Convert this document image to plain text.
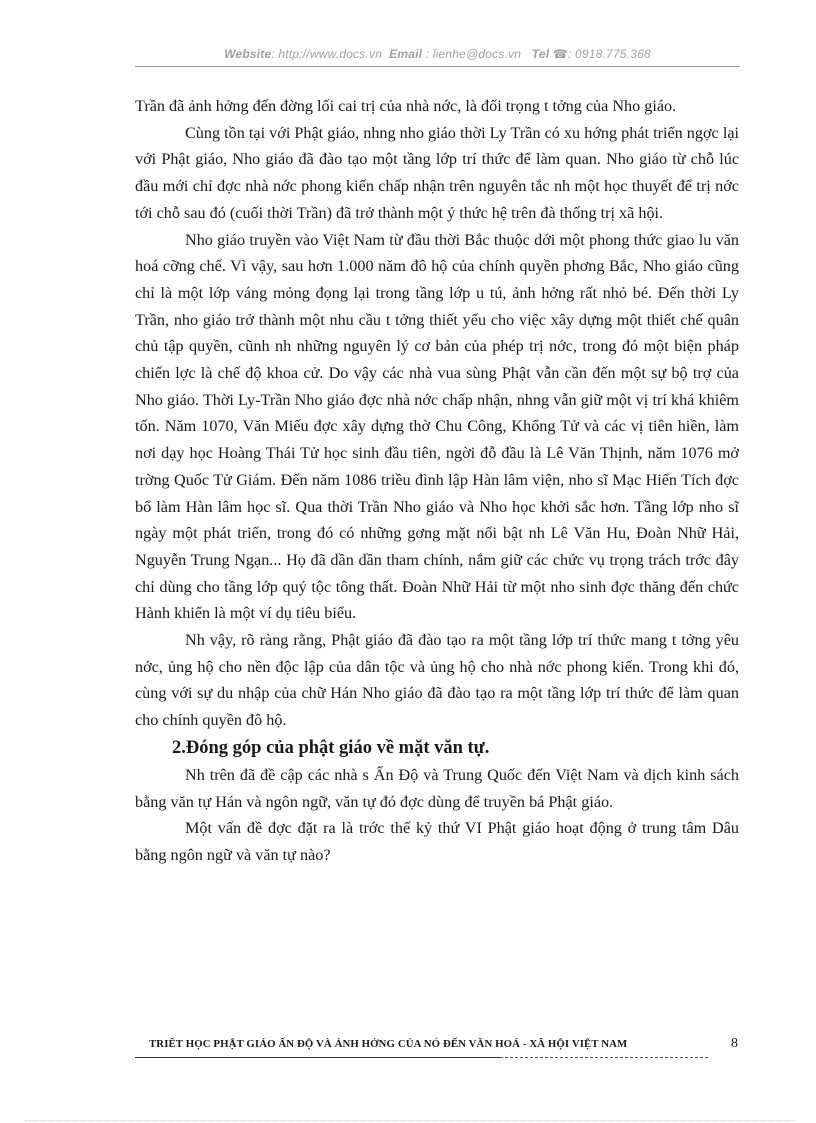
Website: http://www.docs.vn Email : lienhe@docs.vn Tel ☎: 0918.775.368

Trần đã ảnh hởng đến đờng lối cai trị của nhà nớc, là đối trọng t tởng của Nho giáo.

Cùng tồn tại với Phật giáo, nhng nho giáo thời Ly Trần có xu hớng phát triển ngợc lại với Phật giáo, Nho giáo đã đào tạo một tầng lớp trí thức để làm quan. Nho giáo từ chỗ lúc đầu mới chỉ đợc nhà nớc phong kiến chấp nhận trên nguyên tắc nh một học thuyết để trị nớc tới chỗ sau đó (cuối thời Trần) đã trở thành một ý thức hệ trên đà thống trị xã hội.

Nho giáo truyền vào Việt Nam từ đầu thời Bắc thuộc dới một phong thức giao lu văn hoá cỡng chế. Vì vậy, sau hơn 1.000 năm đô hộ của chính quyền phơng Bắc, Nho giáo cũng chỉ là một lớp váng mỏng đọng lại trong tầng lớp u tú, ảnh hởng rất nhỏ bé. Đến thời Ly Trần, nho giáo trở thành một nhu cầu t tởng thiết yếu cho việc xây dựng một thiết chế quân chủ tập quyền, cũnh nh những nguyên lý cơ bản của phép trị nớc, trong đó một biện pháp chiến lợc là chế độ khoa cử. Do vậy các nhà vua sùng Phật vẫn cần đến một sự bộ trợ của Nho giáo. Thời Ly-Trần Nho giáo đợc nhà nớc chấp nhận, nhng vẫn giữ một vị trí khá khiêm tốn. Năm 1070, Văn Miếu đợc xây dựng thờ Chu Công, Khổng Tử và các vị tiên hiền, làm nơi dạy học Hoàng Thái Tử học sinh đầu tiên, ngời đỗ đầu là Lê Văn Thịnh, năm 1076 mở trờng Quốc Tử Giám. Đến năm 1086 triều đình lập Hàn lâm viện, nho sĩ Mạc Hiển Tích đợc bổ làm Hàn lâm học sĩ. Qua thời Trần Nho giáo và Nho học khởi sắc hơn. Tầng lớp nho sĩ ngày một phát triển, trong đó có những gơng mặt nổi bật nh Lê Văn Hu, Đoàn Nhữ Hải, Nguyễn Trung Ngạn... Họ đã dần dần tham chính, nắm giữ các chức vụ trọng trách trớc đây chỉ dùng cho tầng lớp quý tộc tông thất. Đoàn Nhữ Hải từ một nho sinh đợc thăng đến chức Hành khiển là một ví dụ tiêu biểu.

Nh vậy, rõ ràng rằng, Phật giáo đã đào tạo ra một tầng lớp trí thức mang t tởng yêu nớc, ủng hộ cho nền độc lập của dân tộc và ủng hộ cho nhà nớc phong kiến. Trong khi đó, cùng với sự du nhập của chữ Hán Nho giáo đã đào tạo ra một tầng lớp trí thức để làm quan cho chính quyền đô hộ.

2.Đóng góp của phật giáo về mặt văn tự.

Nh trên đã đề cập các nhà s Ấn Độ và Trung Quốc đến Việt Nam và dịch kinh sách bằng văn tự Hán và ngôn ngữ, văn tự đó đợc dùng để truyền bá Phật giáo.

Một vấn đề đợc đặt ra là trớc thế kỷ thứ VI Phật giáo hoạt động ở trung tâm Dâu bằng ngôn ngữ và văn tự nào?

TRIẾT HỌC PHẬT GIÁO ẤN ĐỘ VÀ ẢNH HỞNG CỦA NÓ ĐẾN VĂN HOÁ - XÃ HỘI VIỆT NAM	8
